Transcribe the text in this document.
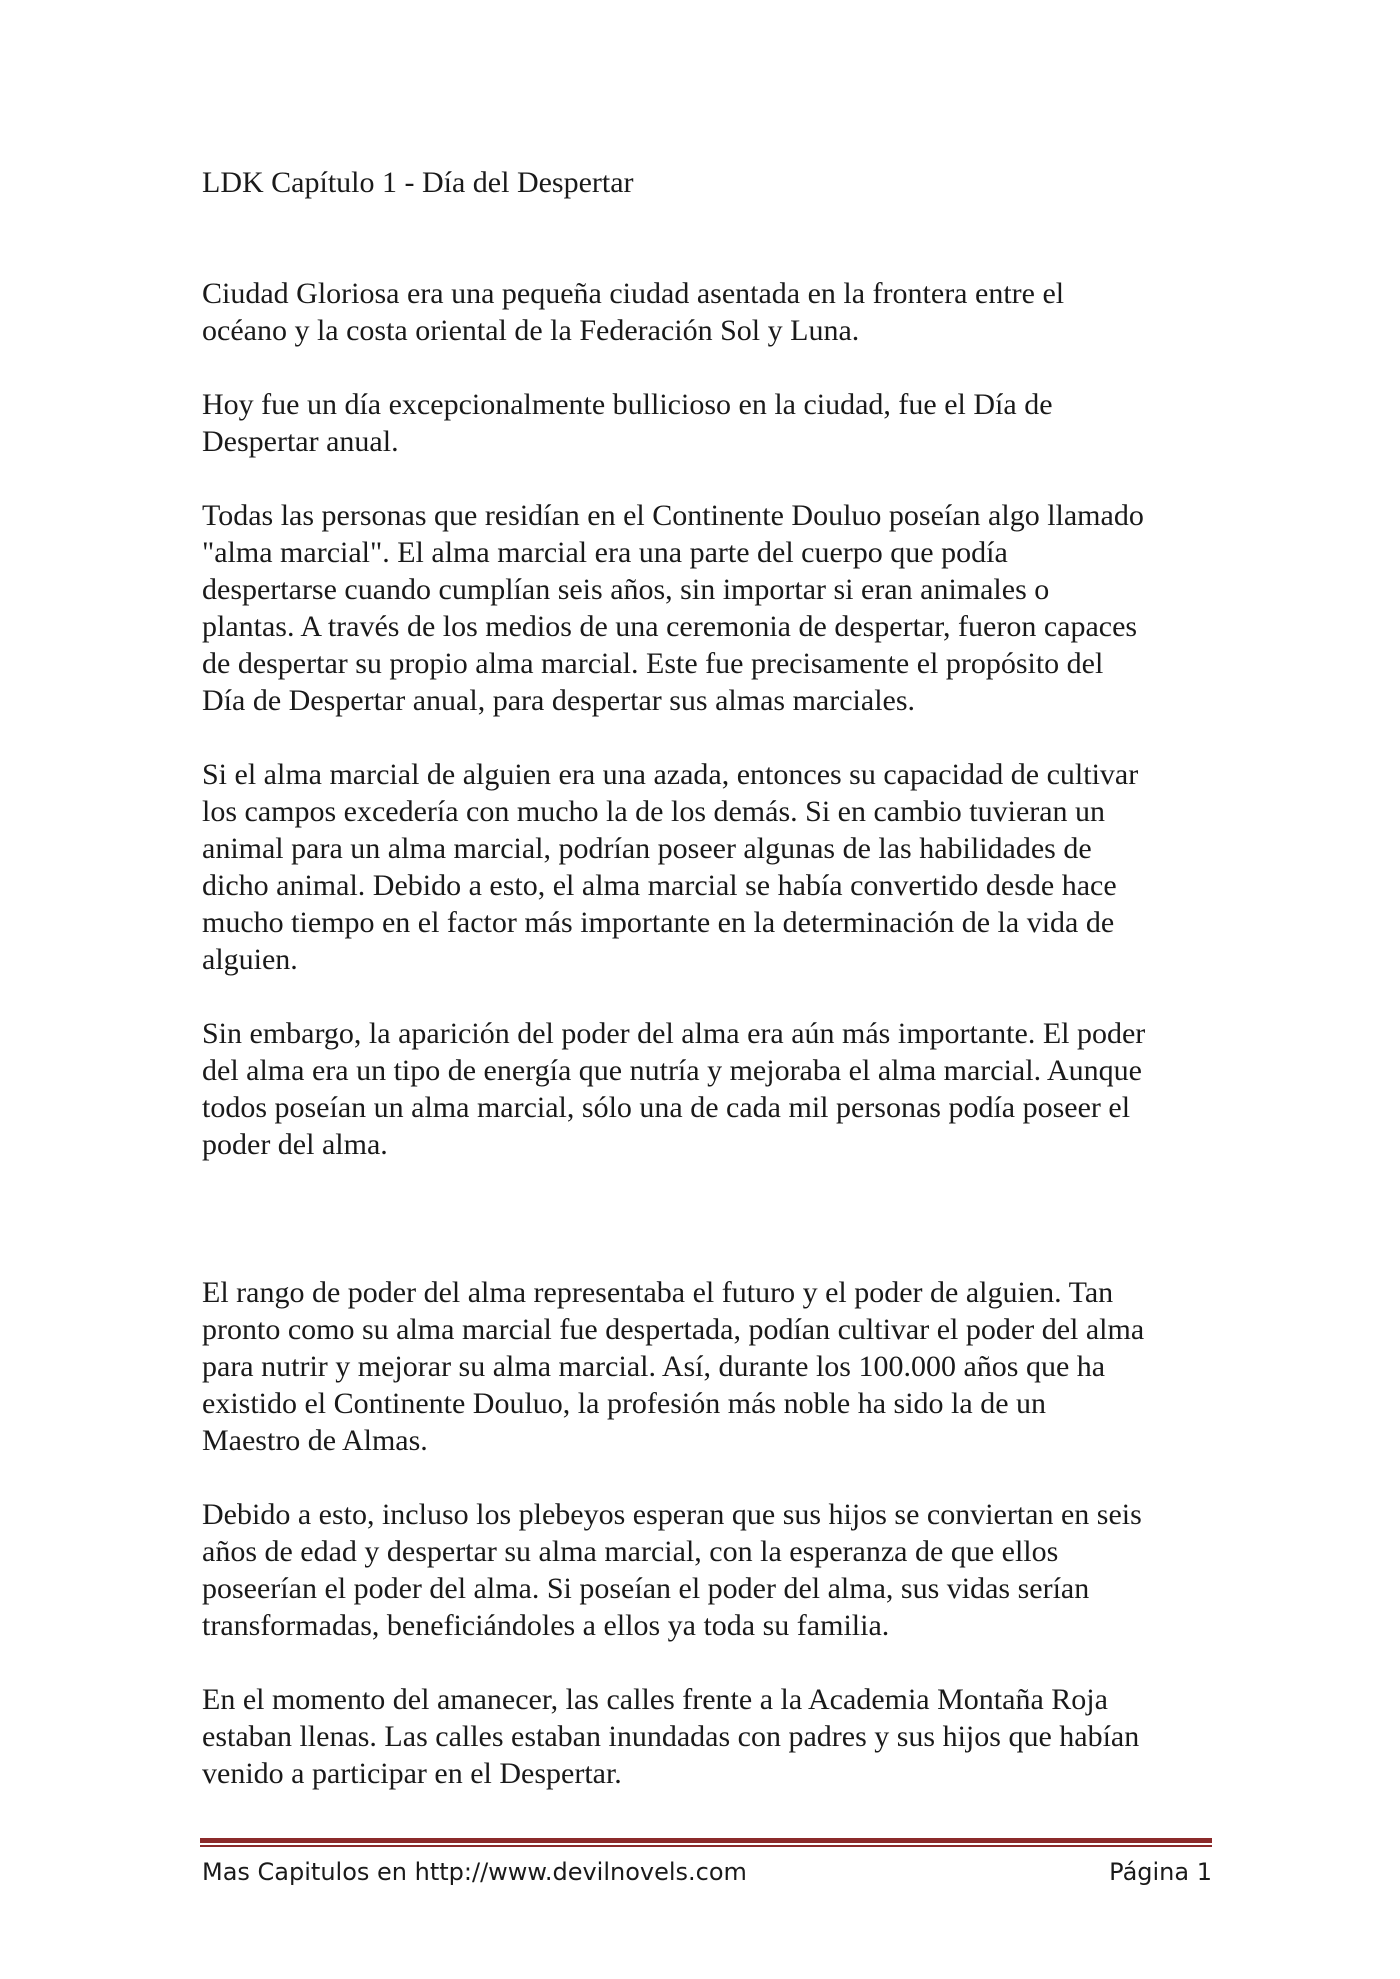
LDK Capítulo 1 - Día del Despertar
Ciudad Gloriosa era una pequeña ciudad asentada en la frontera entre el
océano y la costa oriental de la Federación Sol y Luna.
Hoy fue un día excepcionalmente bullicioso en la ciudad, fue el Día de
Despertar anual.
Todas las personas que residían en el Continente Douluo poseían algo llamado
"alma marcial". El alma marcial era una parte del cuerpo que podía
despertarse cuando cumplían seis años, sin importar si eran animales o
plantas. A través de los medios de una ceremonia de despertar, fueron capaces
de despertar su propio alma marcial. Este fue precisamente el propósito del
Día de Despertar anual, para despertar sus almas marciales.
Si el alma marcial de alguien era una azada, entonces su capacidad de cultivar
los campos excedería con mucho la de los demás. Si en cambio tuvieran un
animal para un alma marcial, podrían poseer algunas de las habilidades de
dicho animal. Debido a esto, el alma marcial se había convertido desde hace
mucho tiempo en el factor más importante en la determinación de la vida de
alguien.
Sin embargo, la aparición del poder del alma era aún más importante. El poder
del alma era un tipo de energía que nutría y mejoraba el alma marcial. Aunque
todos poseían un alma marcial, sólo una de cada mil personas podía poseer el
poder del alma.
El rango de poder del alma representaba el futuro y el poder de alguien. Tan
pronto como su alma marcial fue despertada, podían cultivar el poder del alma
para nutrir y mejorar su alma marcial. Así, durante los 100.000 años que ha
existido el Continente Douluo, la profesión más noble ha sido la de un
Maestro de Almas.
Debido a esto, incluso los plebeyos esperan que sus hijos se conviertan en seis
años de edad y despertar su alma marcial, con la esperanza de que ellos
poseerían el poder del alma. Si poseían el poder del alma, sus vidas serían
transformadas, beneficiándoles a ellos ya toda su familia.
En el momento del amanecer, las calles frente a la Academia Montaña Roja
estaban llenas. Las calles estaban inundadas con padres y sus hijos que habían
venido a participar en el Despertar.
Mas Capitulos en http://www.devilnovels.com	Página 1
